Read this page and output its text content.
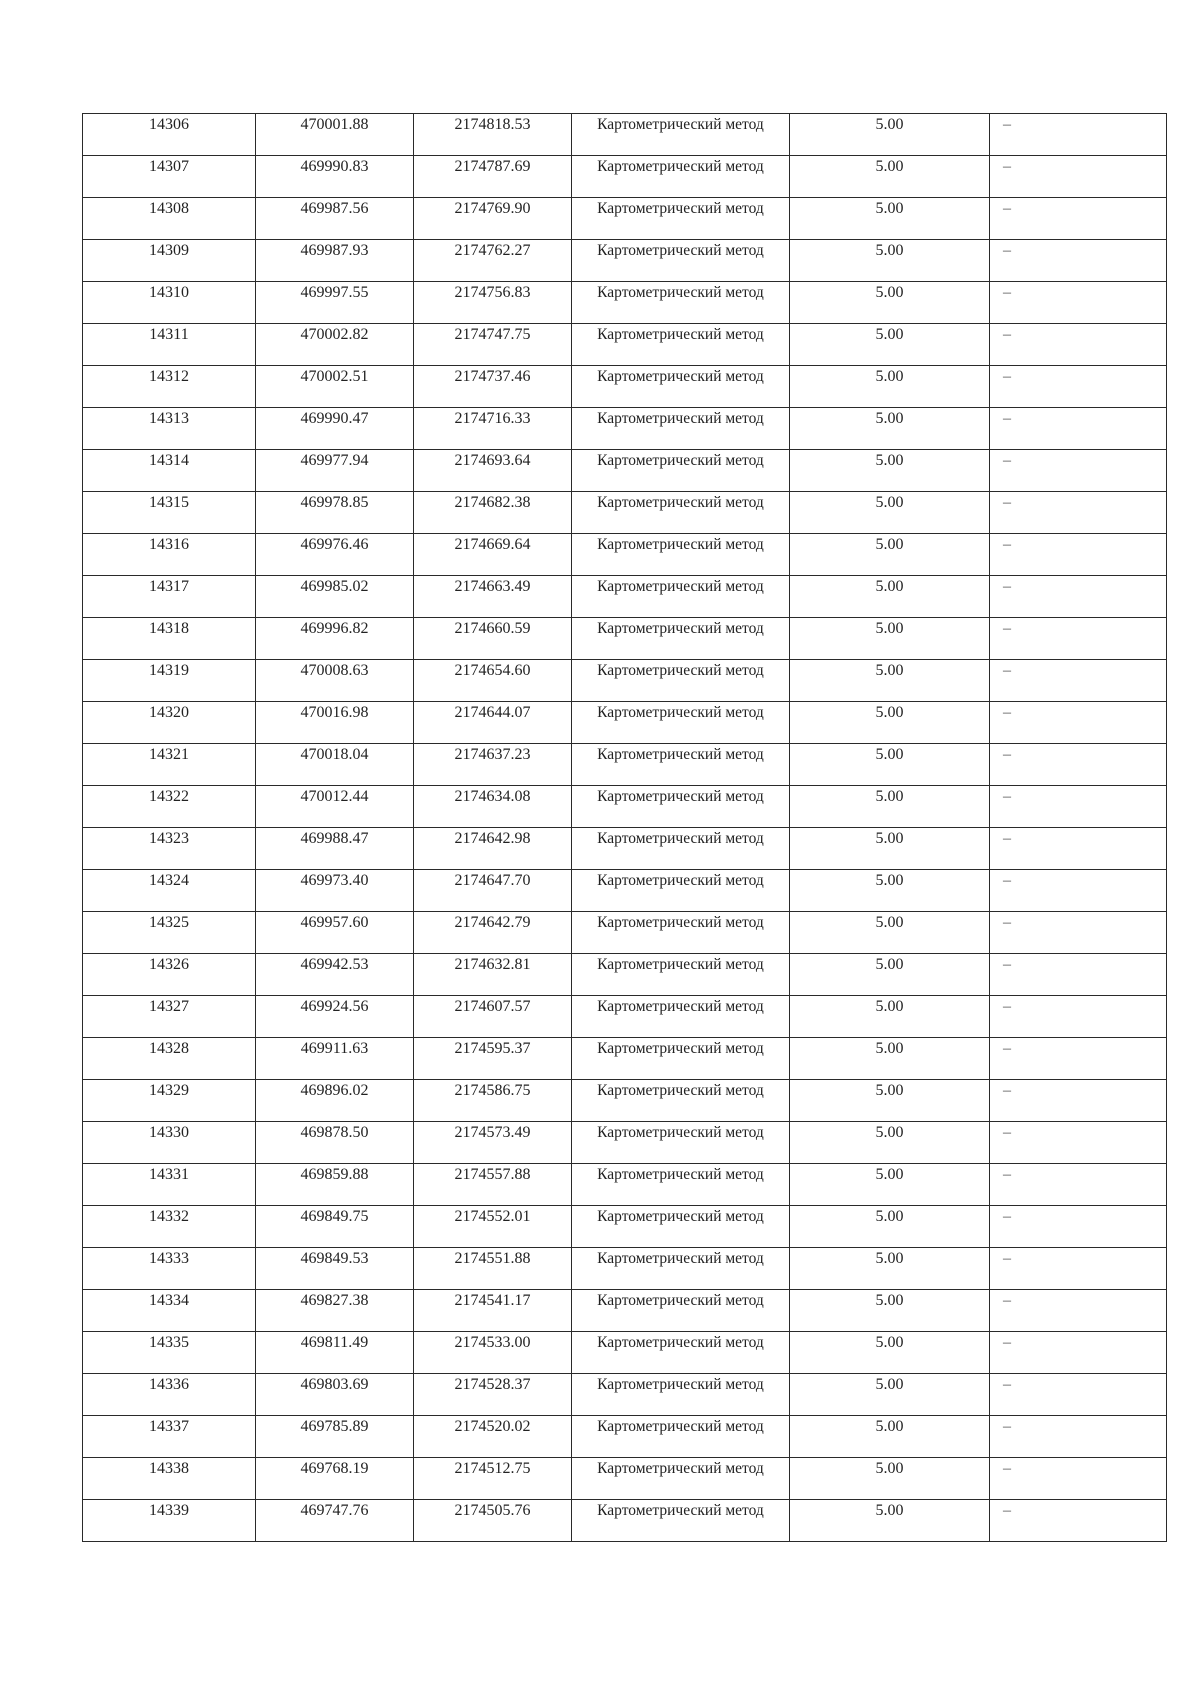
14306	470001.88	2174818.53	Картометрический метод	5.00	–

14307	469990.83	2174787.69	Картометрический метод	5.00	–

14308	469987.56	2174769.90	Картометрический метод	5.00	–

14309	469987.93	2174762.27	Картометрический метод	5.00	–

14310	469997.55	2174756.83	Картометрический метод	5.00	–

14311	470002.82	2174747.75	Картометрический метод	5.00	–

14312	470002.51	2174737.46	Картометрический метод	5.00	–

14313	469990.47	2174716.33	Картометрический метод	5.00	–

14314	469977.94	2174693.64	Картометрический метод	5.00	–

14315	469978.85	2174682.38	Картометрический метод	5.00	–

14316	469976.46	2174669.64	Картометрический метод	5.00	–

14317	469985.02	2174663.49	Картометрический метод	5.00	–

14318	469996.82	2174660.59	Картометрический метод	5.00	–

14319	470008.63	2174654.60	Картометрический метод	5.00	–

14320	470016.98	2174644.07	Картометрический метод	5.00	–

14321	470018.04	2174637.23	Картометрический метод	5.00	–

14322	470012.44	2174634.08	Картометрический метод	5.00	–

14323	469988.47	2174642.98	Картометрический метод	5.00	–

14324	469973.40	2174647.70	Картометрический метод	5.00	–

14325	469957.60	2174642.79	Картометрический метод	5.00	–

14326	469942.53	2174632.81	Картометрический метод	5.00	–

14327	469924.56	2174607.57	Картометрический метод	5.00	–

14328	469911.63	2174595.37	Картометрический метод	5.00	–

14329	469896.02	2174586.75	Картометрический метод	5.00	–

14330	469878.50	2174573.49	Картометрический метод	5.00	–

14331	469859.88	2174557.88	Картометрический метод	5.00	–

14332	469849.75	2174552.01	Картометрический метод	5.00	–

14333	469849.53	2174551.88	Картометрический метод	5.00	–

14334	469827.38	2174541.17	Картометрический метод	5.00	–

14335	469811.49	2174533.00	Картометрический метод	5.00	–

14336	469803.69	2174528.37	Картометрический метод	5.00	–

14337	469785.89	2174520.02	Картометрический метод	5.00	–

14338	469768.19	2174512.75	Картометрический метод	5.00	–

14339	469747.76	2174505.76	Картометрический метод	5.00	–
